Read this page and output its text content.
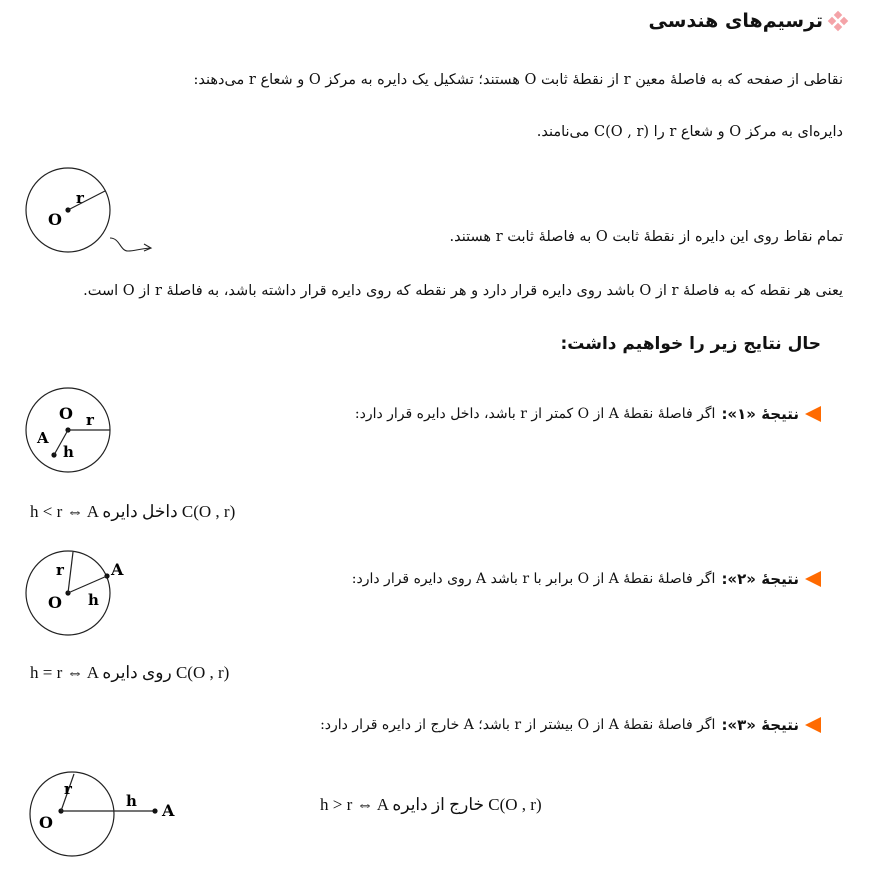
ترسیم‌های هندسی
نقاطی از صفحه که به فاصلهٔ معین r از نقطهٔ ثابت O هستند؛ تشکیل یک دایره به مرکز O و شعاع r می‌دهند:
دایره‌ای به مرکز O و شعاع r را C(O , r) می‌نامند.
r
O
تمام نقاط روی این دایره از نقطهٔ ثابت O به فاصلهٔ ثابت r هستند.
یعنی هر نقطه که به فاصلهٔ r از O باشد روی دایره قرار دارد و هر نقطه که روی دایره قرار داشته باشد، به فاصلهٔ r از O است.
حال نتایج زیر را خواهیم داشت:
نتیجهٔ «۱»:
اگر فاصلهٔ نقطهٔ A از O کمتر از r باشد، داخل دایره قرار دارد:
O r
A
h
h < r ⇔ A داخل دایره C(O , r)
نتیجهٔ «۲»:
اگر فاصلهٔ نقطهٔ A از O برابر با r باشد A روی دایره قرار دارد:
r	A
O h
h = r ⇔ A روی دایره C(O , r)
نتیجهٔ «۳»:
اگر فاصلهٔ نقطهٔ A از O بیشتر از r باشد؛ A خارج از دایره قرار دارد:
r
h A
O
h > r ⇔ A خارج از دایره C(O , r)
